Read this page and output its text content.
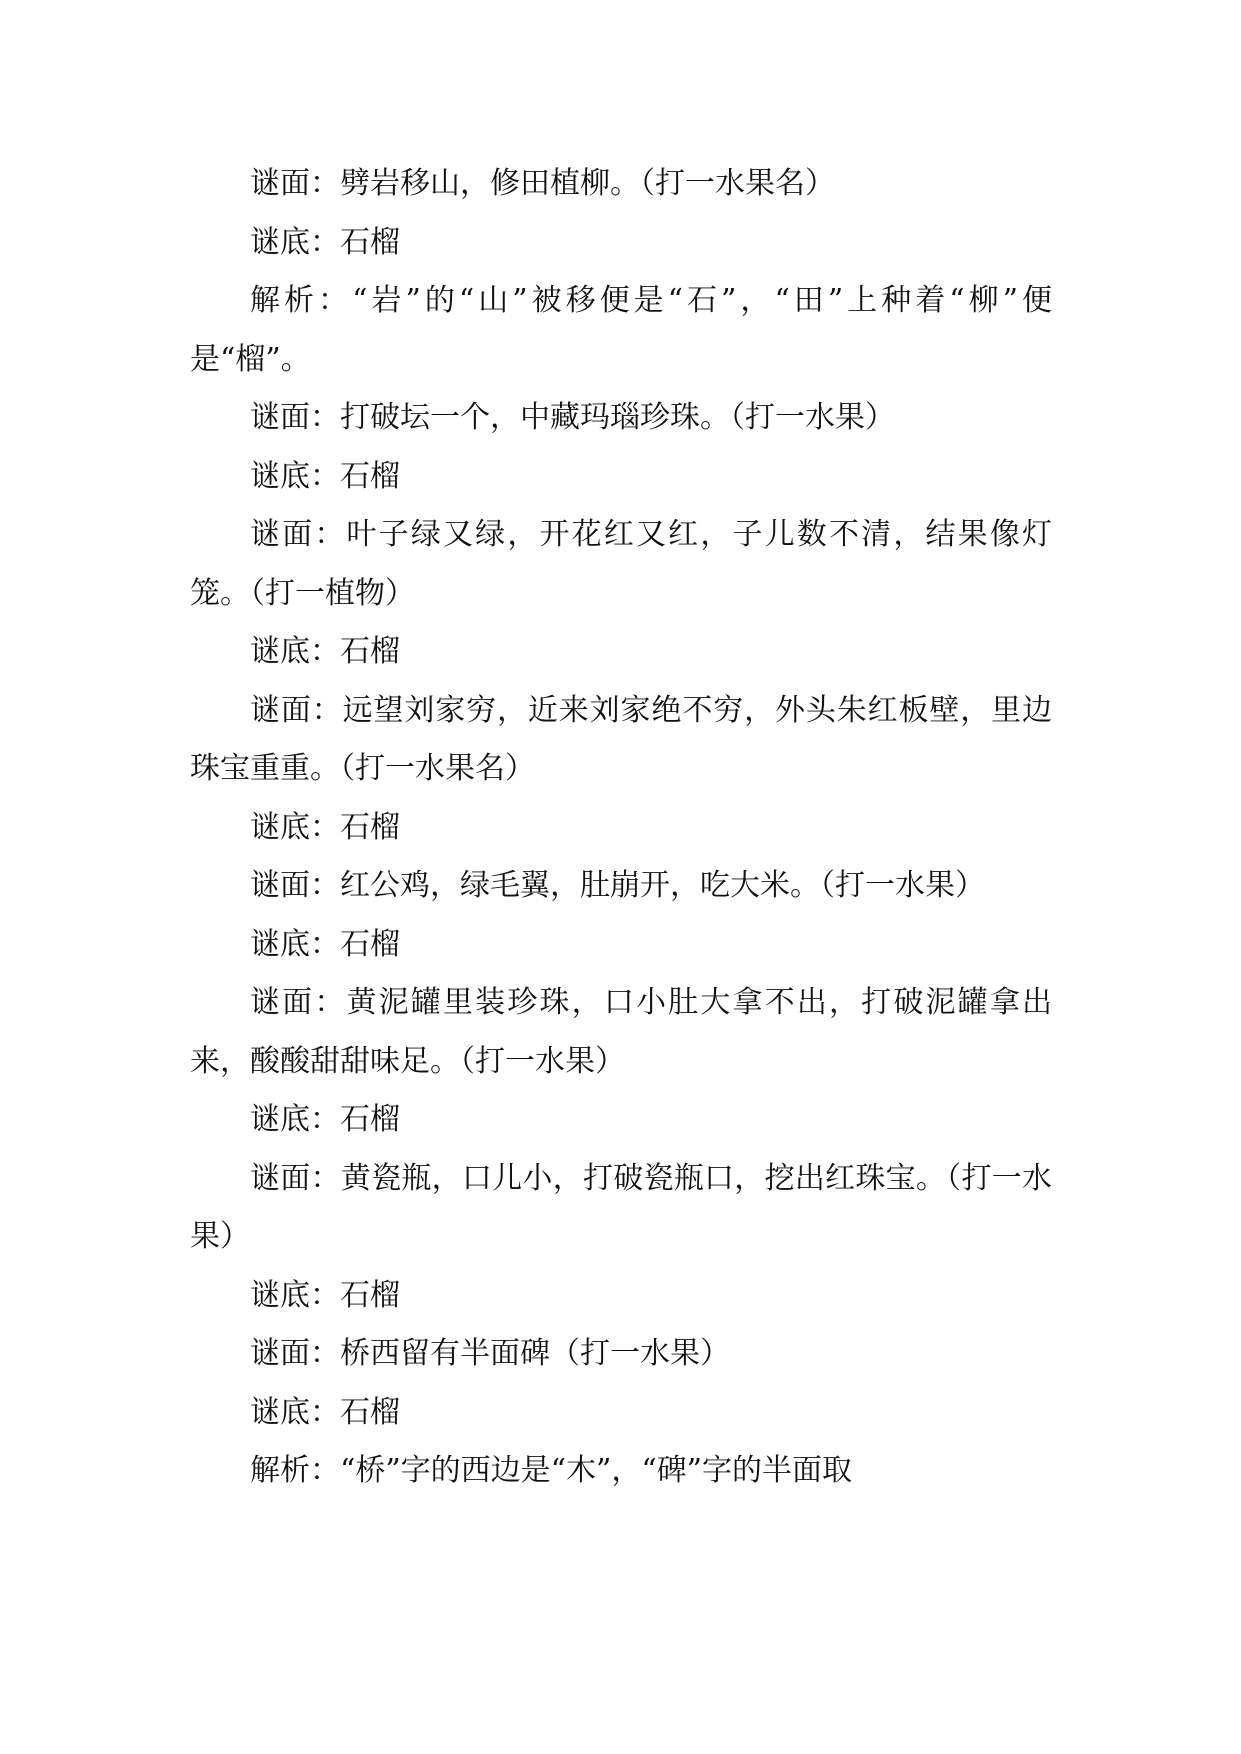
谜面：劈岩移山，修田植柳。（打一水果名）

谜底：石榴

解析：“岩”的“山”被移便是“石”，“田”上种着“柳”便是“榴”。

谜面：打破坛一个，中藏玛瑙珍珠。（打一水果）

谜底：石榴

谜面：叶子绿又绿，开花红又红，子儿数不清，结果像灯笼。（打一植物）

谜底：石榴

谜面：远望刘家穷，近来刘家绝不穷，外头朱红板壁，里边珠宝重重。（打一水果名）

谜底：石榴

谜面：红公鸡，绿毛翼，肚崩开，吃大米。（打一水果）

谜底：石榴

谜面：黄泥罐里装珍珠，口小肚大拿不出，打破泥罐拿出来，酸酸甜甜味足。（打一水果）

谜底：石榴

谜面：黄瓷瓶，口儿小，打破瓷瓶口，挖出红珠宝。（打一水果）

谜底：石榴

谜面：桥西留有半面碑（打一水果）

谜底：石榴

解析：“桥”字的西边是“木”，“碑”字的半面取
